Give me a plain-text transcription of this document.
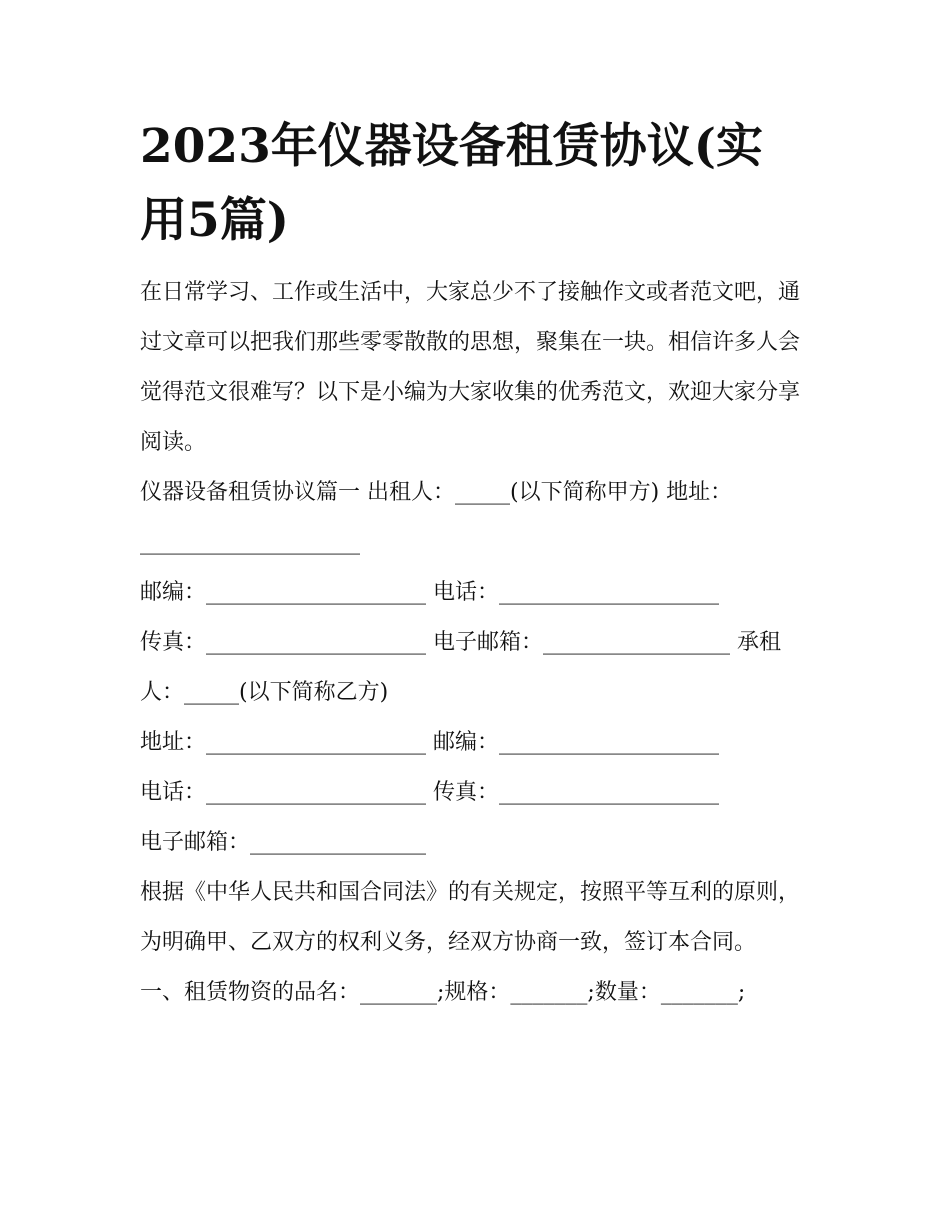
2023年仪器设备租赁协议(实
用5篇)

在日常学习、工作或生活中，大家总少不了接触作文或者范文吧，通过文章可以把我们那些零零散散的思想，聚集在一块。相信许多人会觉得范文很难写？以下是小编为大家收集的优秀范文，欢迎大家分享阅读。

仪器设备租赁协议篇一 出租人：_____(以下简称甲方) 地址：____________________

邮编：____________________ 电话：____________________

传真：____________________ 电子邮箱：_________________ 承租人：_____(以下简称乙方)

地址：____________________ 邮编：____________________

电话：____________________ 传真：____________________

电子邮箱：________________

根据《中华人民共和国合同法》的有关规定，按照平等互利的原则，为明确甲、乙双方的权利义务，经双方协商一致，签订本合同。

一、租赁物资的品名：_______;规格：_______;数量：_______;
